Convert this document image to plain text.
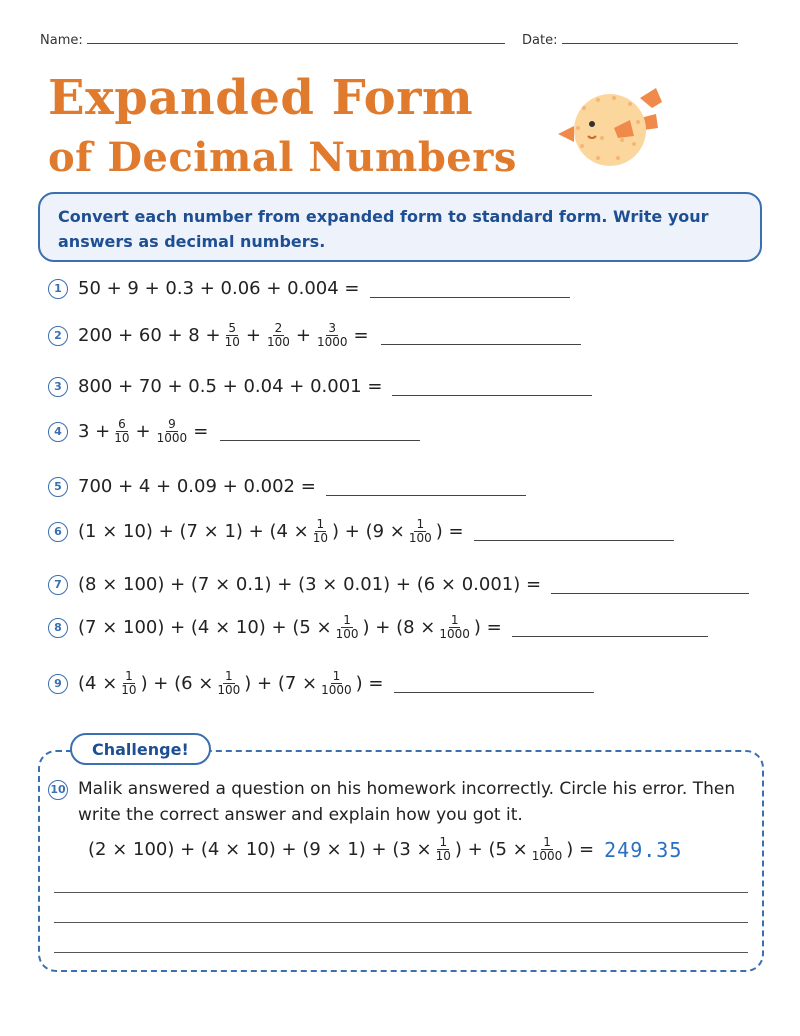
Name:	Date:
Expanded Form
of Decimal Numbers
Convert each number from expanded form to standard form. Write your answers as decimal numbers.
1 50 + 9 + 0.3 + 0.06 + 0.004 =
2 $200 + 60 + 8 + \frac{5}{10} + \frac{2}{100} + \frac{3}{1000}$ =
3 800 + 70 + 0.5 + 0.04 + 0.001 =
4 $3 + \frac{6}{10} + \frac{9}{1000}$ =
5 700 + 4 + 0.09 + 0.002 =
6 $(1 \times 10) + (7 \times 1) + (4 \times \frac{1}{10}$ ) + ($9 \times \frac{1}{100}$ ) =
7 (8 × 100) + (7 × 0.1) + (3 × 0.01) + (6 × 0.001) =
8 $(7 \times 100) + (4 \times 10) + (5 \times \frac{1}{100}$ ) + ($8 \times \frac{1}{1000}$ ) =
9 ($4 \times \frac{1}{10}$ ) + ($6 \times \frac{1}{100}$ ) + ($7 \times \frac{1}{1000}$ ) =
Challenge!
10 Malik answered a question on his homework incorrectly. Circle his error. Then write the correct answer and explain how you got it.

$(2 \times 100) + (4 \times 10) + (9 \times 1) + (3 \times \frac{1}{10}$ ) + ($5 \times \frac{1}{1000}$ ) = 249.35
